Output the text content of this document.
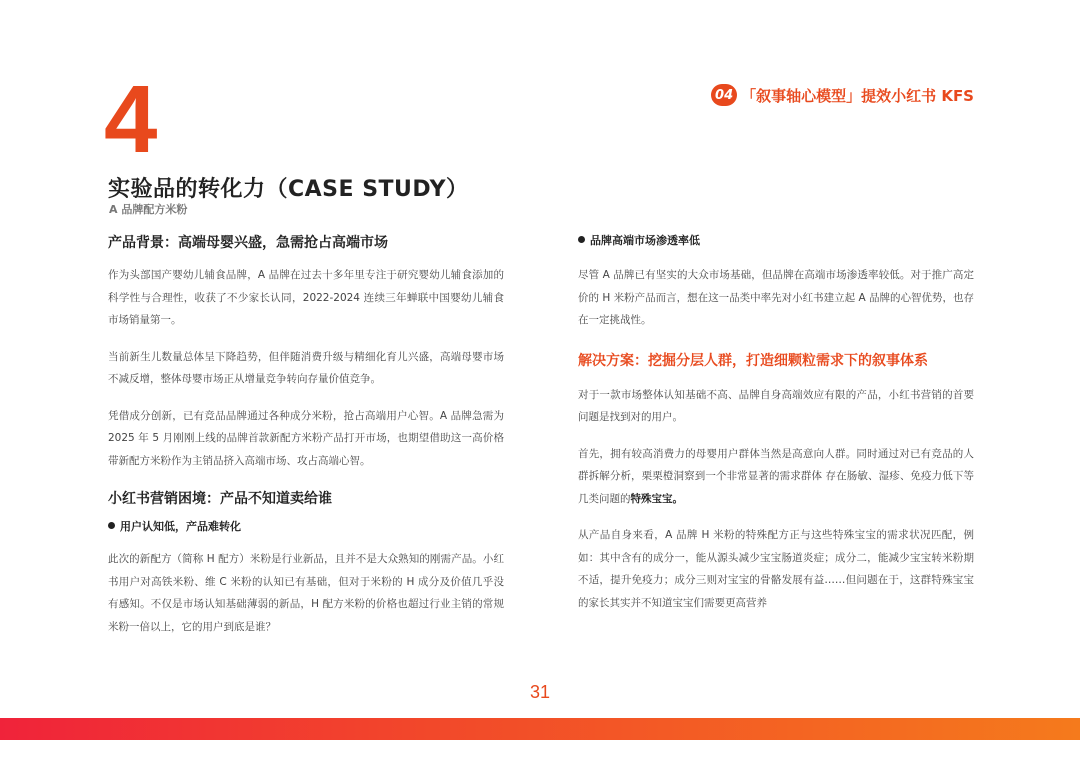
4	04 「叙事轴心模型」提效小红书 KFS
实验品的转化力（CASE STUDY）
A 品牌配方米粉
产品背景：高端母婴兴盛，急需抢占高端市场

作为头部国产婴幼儿辅食品牌，A 品牌在过去十多年里专注于研究婴幼儿辅食添加的科学性与合理性，收获了不少家长认同，2022-2024 连续三年蝉联中国婴幼儿辅食市场销量第一。

当前新生儿数量总体呈下降趋势，但伴随消费升级与精细化育儿兴盛，高端母婴市场不减反增，整体母婴市场正从增量竞争转向存量价值竞争。

凭借成分创新，已有竞品品牌通过各种成分米粉，抢占高端用户心智。A 品牌急需为 2025 年 5 月刚刚上线的品牌首款新配方米粉产品打开市场，也期望借助这一高价格带新配方米粉作为主销品挤入高端市场、攻占高端心智。

小红书营销困境：产品不知道卖给谁
用户认知低，产品难转化

此次的新配方（简称 H 配方）米粉是行业新品，且并不是大众熟知的刚需产品。小红书用户对高铁米粉、维 C 米粉的认知已有基础，但对于米粉的 H 成分及价值几乎没有感知。不仅是市场认知基础薄弱的新品，H 配方米粉的价格也超过行业主销的常规米粉一倍以上，它的用户到底是谁？

品牌高端市场渗透率低

尽管 A 品牌已有坚实的大众市场基础，但品牌在高端市场渗透率较低。对于推广高定价的 H 米粉产品而言，想在这一品类中率先对小红书建立起 A 品牌的心智优势，也存在一定挑战性。

解决方案：挖掘分层人群，打造细颗粒需求下的叙事体系

对于一款市场整体认知基础不高、品牌自身高端效应有限的产品，小红书营销的首要问题是找到对的用户。

首先，拥有较高消费力的母婴用户群体当然是高意向人群。同时通过对已有竞品的人群拆解分析，栗栗橙洞察到一个非常显著的需求群体 存在肠敏、湿疹、免疫力低下等几类问题的特殊宝宝。

从产品自身来看，A 品牌 H 米粉的特殊配方正与这些特殊宝宝的需求状况匹配，例如：其中含有的成分一，能从源头减少宝宝肠道炎症；成分二，能减少宝宝转米粉期不适，提升免疫力；成分三则对宝宝的骨骼发展有益……但问题在于，这群特殊宝宝的家长其实并不知道宝宝们需要更高营养

31
